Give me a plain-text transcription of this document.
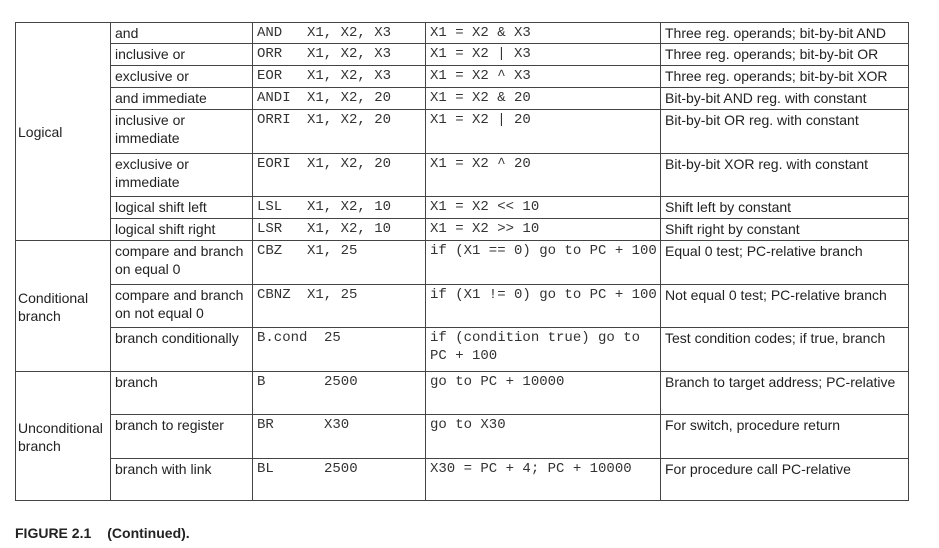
Logical	and	AND X1, X2, X3	X1 = X2 & X3	Three reg. operands; bit-by-bit AND
	inclusive or	ORR X1, X2, X3	X1 = X2 | X3	Three reg. operands; bit-by-bit OR
	exclusive or	EOR X1, X2, X3	X1 = X2 ^ X3	Three reg. operands; bit-by-bit XOR
	and immediate	ANDI X1, X2, 20	X1 = X2 & 20	Bit-by-bit AND reg. with constant
	inclusive or immediate	ORRI X1, X2, 20	X1 = X2 | 20	Bit-by-bit OR reg. with constant
	exclusive or immediate	EORI X1, X2, 20	X1 = X2 ^ 20	Bit-by-bit XOR reg. with constant
	logical shift left	LSL X1, X2, 10	X1 = X2 << 10	Shift left by constant
	logical shift right	LSR X1, X2, 10	X1 = X2 >> 10	Shift right by constant
Conditional branch	compare and branch on equal 0	CBZ X1, 25	if (X1 == 0) go to PC + 100	Equal 0 test; PC-relative branch
	compare and branch on not equal 0	CBNZ X1, 25	if (X1 != 0) go to PC + 100	Not equal 0 test; PC-relative branch
	branch conditionally	B.cond 25	if (condition true) go to PC + 100	Test condition codes; if true, branch
Unconditional branch	branch	B 2500	go to PC + 10000	Branch to target address; PC-relative
	branch to register	BR X30	go to X30	For switch, procedure return
	branch with link	BL 2500	X30 = PC + 4; PC + 10000	For procedure call PC-relative
FIGURE 2.1 (Continued).
